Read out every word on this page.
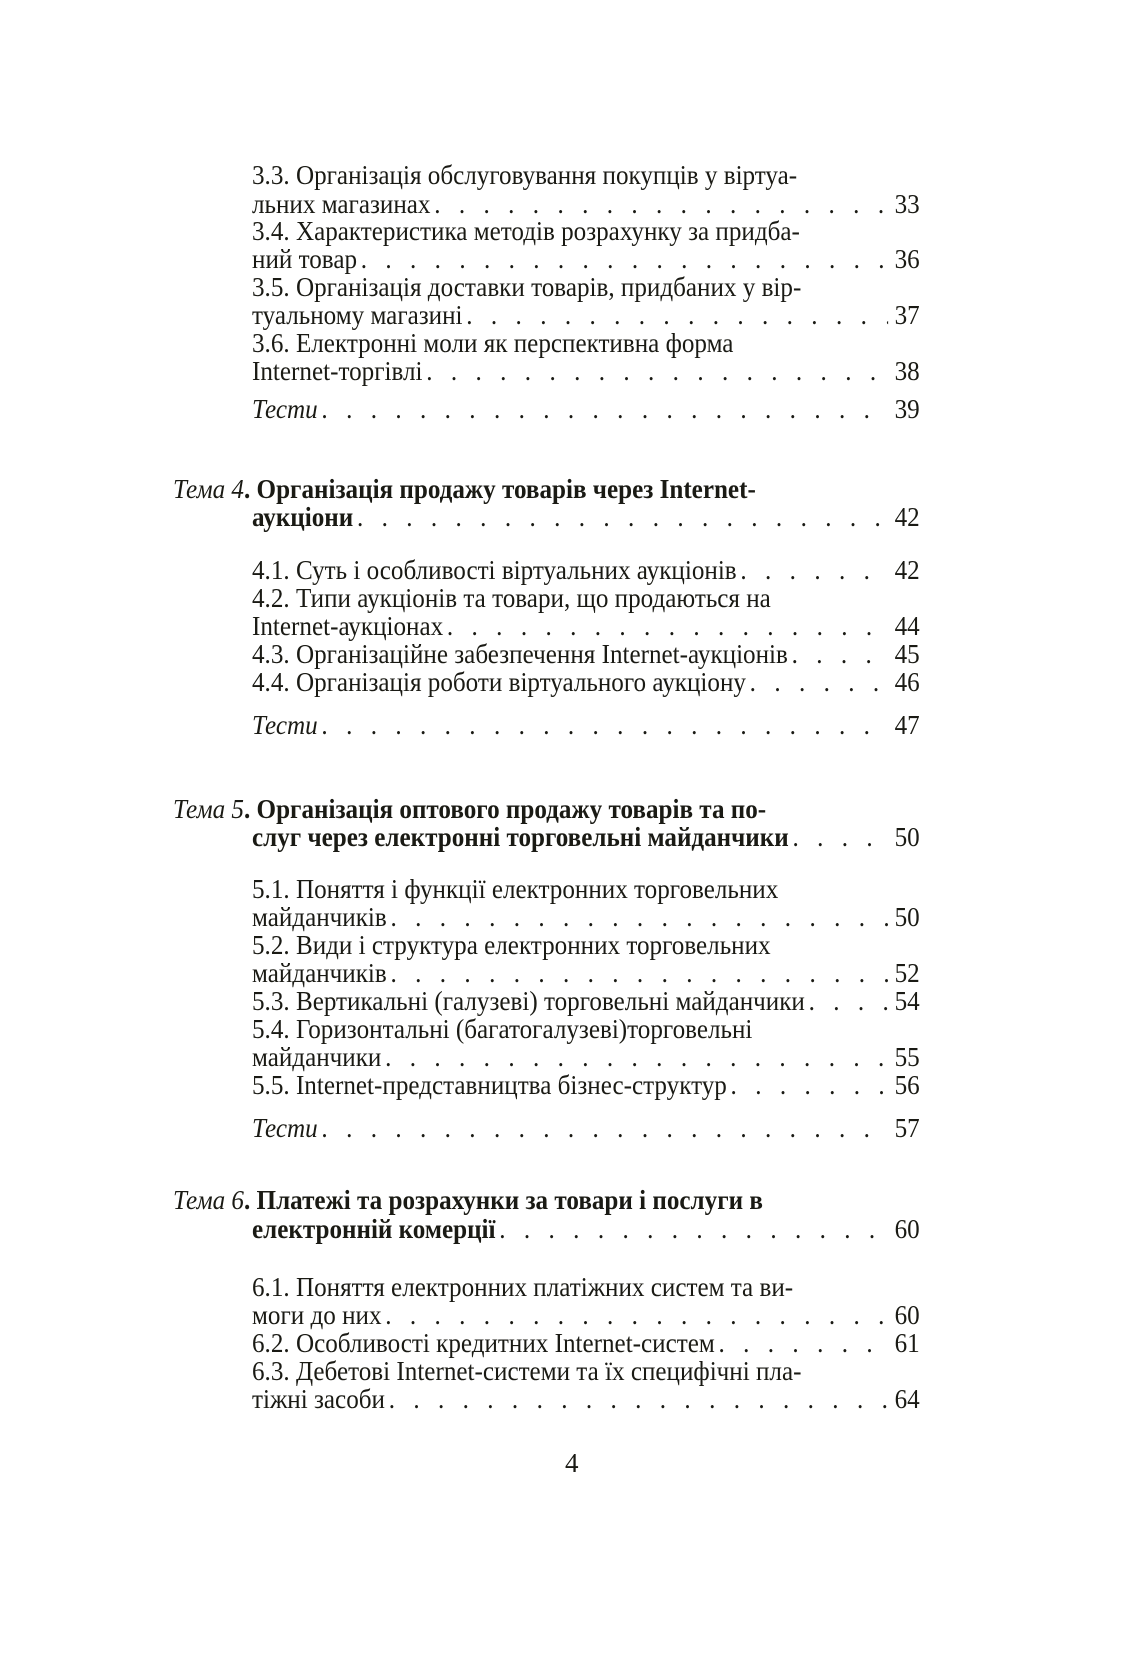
3.3. Організація обслуговування покупців у віртуа-
льних магазинах . . .	33
3.4. Характеристика методів розрахунку за придба-
ний товар . . .	36
3.5. Організація доставки товарів, придбаних у вір-
туальному магазині . . .	37
3.6. Електронні моли як перспективна форма
Internet-торгівлі . . .	38
Тести . . .	39
Тема 4. Організація продажу товарів через Internet-
аукціони . . .	42
4.1. Суть і особливості віртуальних аукціонів . . .	42
4.2. Типи аукціонів та товари, що продаються на
Internet-аукціонах . . .	44
4.3. Організаційне забезпечення Internet-аукціонів . . .	45
4.4. Організація роботи віртуального аукціону . . .	46
Тести . . .	47
Тема 5. Організація оптового продажу товарів та по-
слуг через електронні торговельні майданчики . . .	50
5.1. Поняття і функції електронних торговельних
майданчиків . . .	50
5.2. Види і структура електронних торговельних
майданчиків . . .	52
5.3. Вертикальні (галузеві) торговельні майданчики . . .	54
5.4. Горизонтальні (багатогалузеві)торговельні
майданчики . . .	55
5.5. Internet-представництва бізнес-структур . . .	56
Тести . . .	57
Тема 6. Платежі та розрахунки за товари і послуги в
електронній комерції . . .	60
6.1. Поняття електронних платіжних систем та ви-
моги до них . . .	60
6.2. Особливості кредитних Internet-систем . . .	61
6.3. Дебетові Internet-системи та їх специфічні пла-
тіжні засоби . . .	64
4
